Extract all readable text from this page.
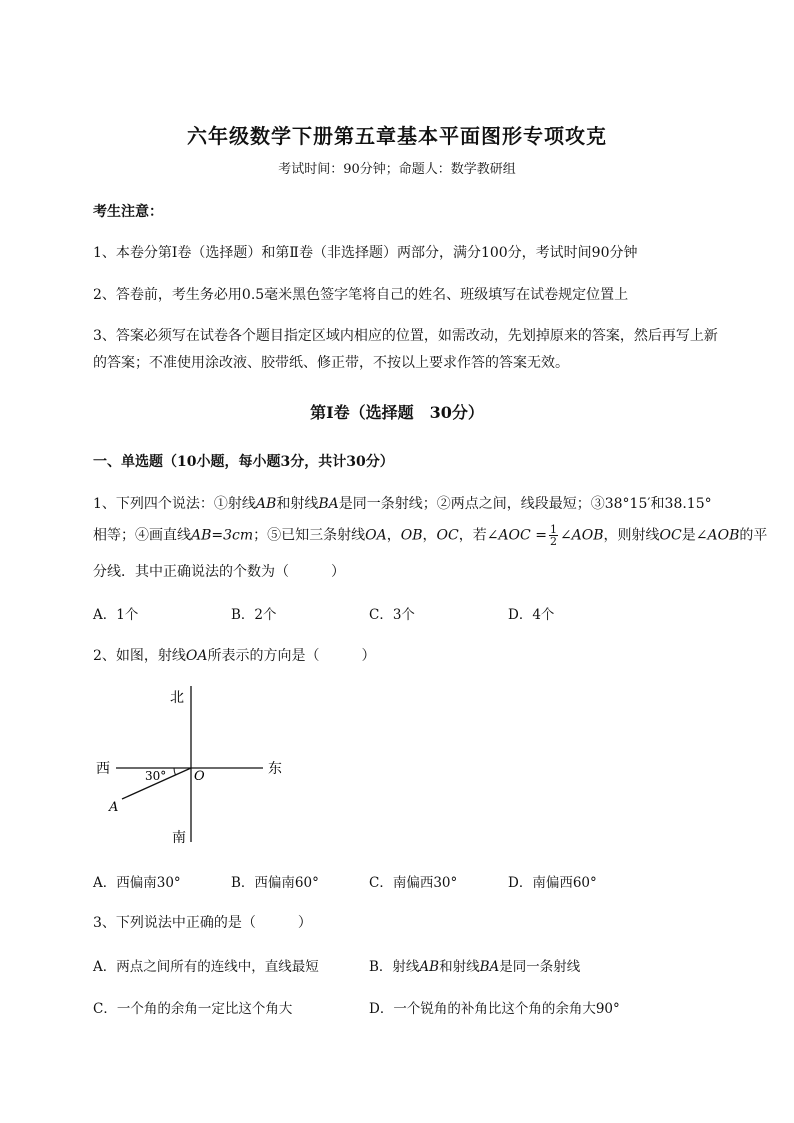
六年级数学下册第五章基本平面图形专项攻克
考试时间：90分钟；命题人：数学教研组
考生注意：
1、本卷分第I卷（选择题）和第Ⅱ卷（非选择题）两部分，满分100分，考试时间90分钟
2、答卷前，考生务必用0.5毫米黑色签字笔将自己的姓名、班级填写在试卷规定位置上
3、答案必须写在试卷各个题目指定区域内相应的位置，如需改动，先划掉原来的答案，然后再写上新
的答案；不准使用涂改液、胶带纸、修正带，不按以上要求作答的答案无效。
第I卷（选择题　30分）
一、单选题（10小题，每小题3分，共计30分）
1、下列四个说法：①射线AB和射线BA是同一条射线；②两点之间，线段最短；③38°15′和38.15°
相等；④画直线AB=3cm；⑤已知三条射线OA，OB，OC，若∠AOC = $\frac{1}{2}$ ∠AOB，则射线OC是∠AOB的平
分线．其中正确说法的个数为（　　　）
A．1个	B．2个	C．3个	D．4个
2、如图，射线OA所表示的方向是（　　　）
北
南
西	东
O
A
30°
A．西偏南30°	B．西偏南60°	C．南偏西30°	D．南偏西60°
3、下列说法中正确的是（　　　）
A．两点之间所有的连线中，直线最短	B．射线AB和射线BA是同一条射线
C．一个角的余角一定比这个角大	D．一个锐角的补角比这个角的余角大90°
